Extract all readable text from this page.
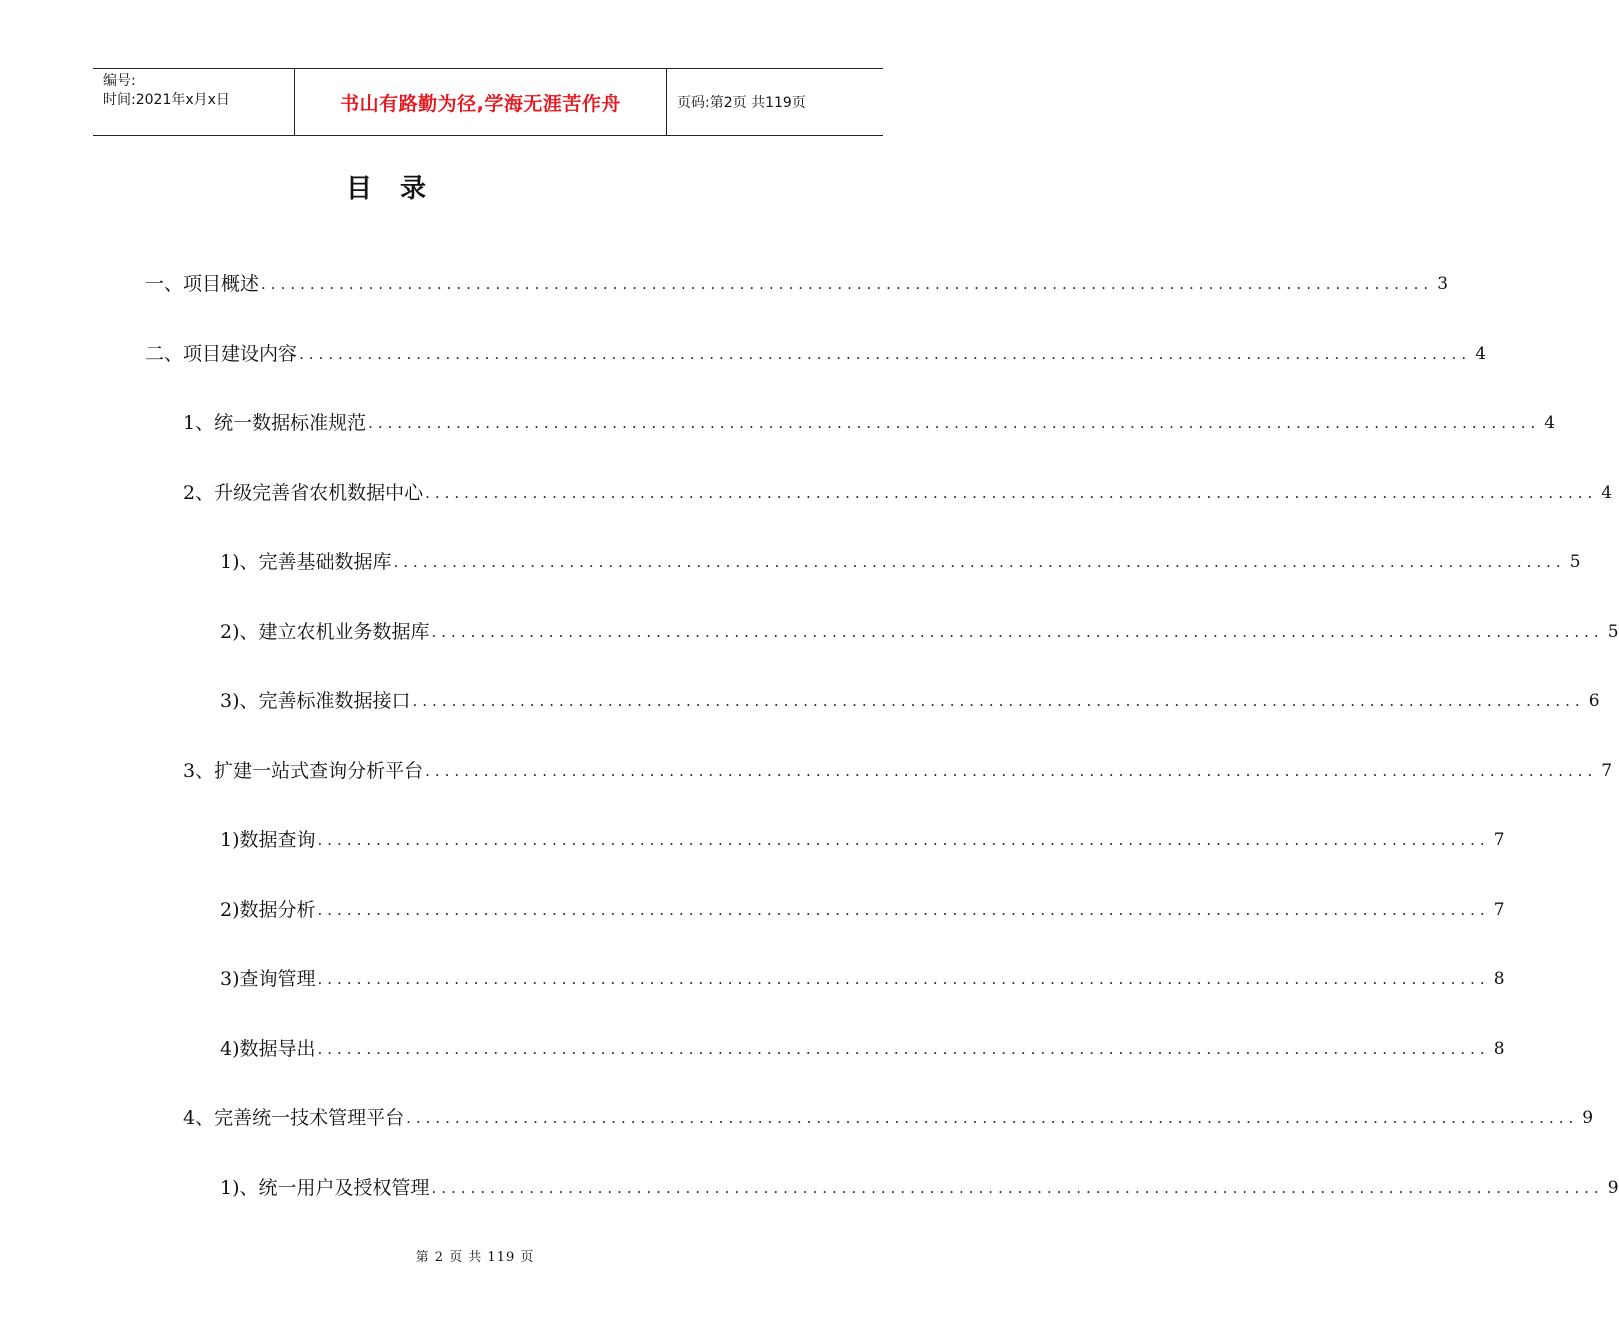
编号:
时间:2021年x月x日	书山有路勤为径,学海无涯苦作舟	页码:第2页 共119页
目录
一、项目概述 ........................................................................................................................ 3
二、项目建设内容 ........................................................................................................................ 4
1、统一数据标准规范 ........................................................................................................................ 4
2、升级完善省农机数据中心 ........................................................................................................................ 4
1)、完善基础数据库 ........................................................................................................................ 5
2)、建立农机业务数据库 ........................................................................................................................ 5
3)、完善标准数据接口 ........................................................................................................................ 6
3、扩建一站式查询分析平台 ........................................................................................................................ 7
1)数据查询 ........................................................................................................................ 7
2)数据分析 ........................................................................................................................ 7
3)查询管理 ........................................................................................................................ 8
4)数据导出 ........................................................................................................................ 8
4、完善统一技术管理平台 ........................................................................................................................ 9
1)、统一用户及授权管理 ........................................................................................................................ 9
第 2 页 共 119 页
